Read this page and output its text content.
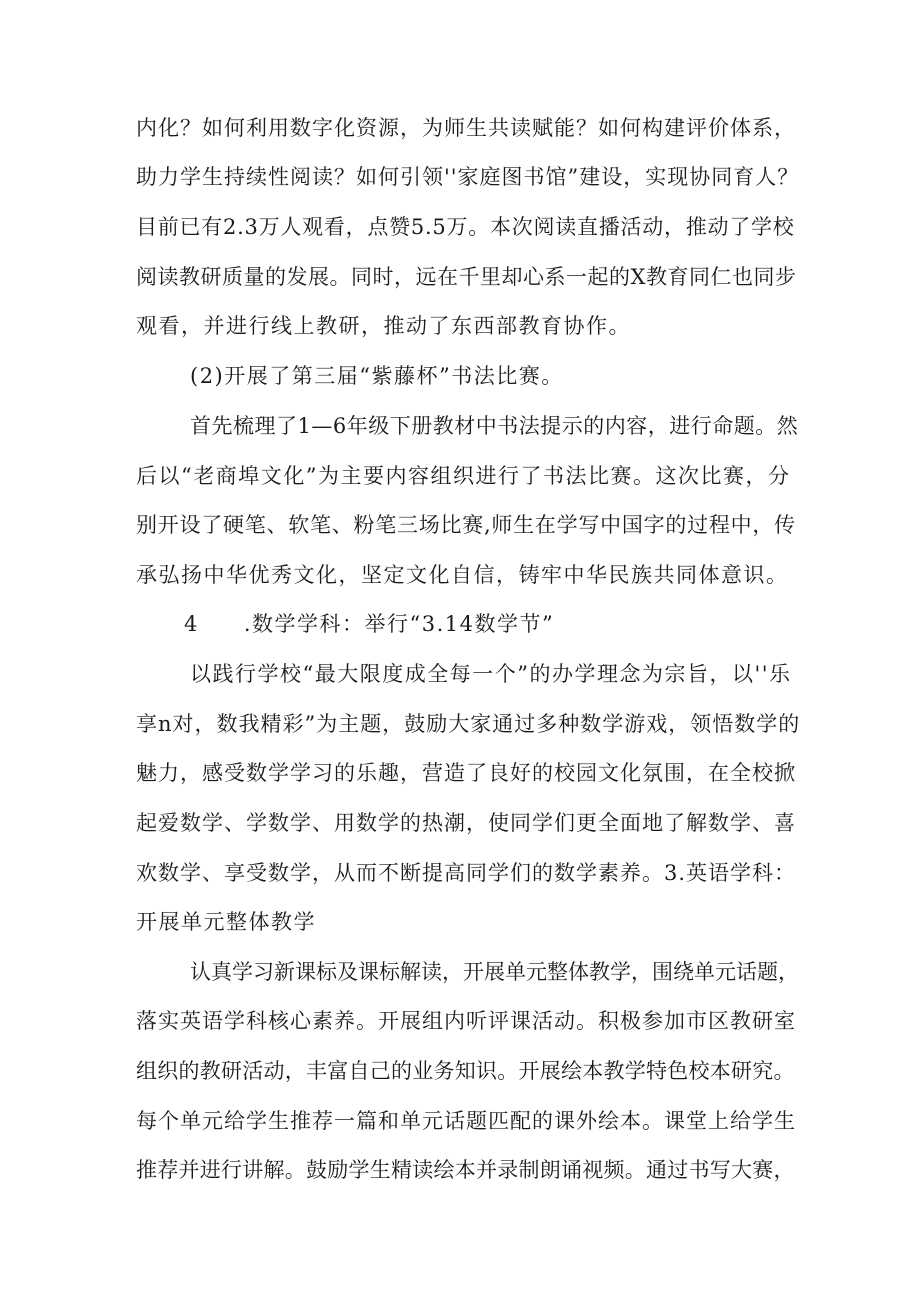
内化？如何利用数字化资源，为师生共读赋能？如何构建评价体系，
助力学生持续性阅读？如何引领''家庭图书馆”建设，实现协同育人？
目前已有2.3万人观看，点赞5.5万。本次阅读直播活动，推动了学校
阅读教研质量的发展。同时，远在千里却心系一起的X教育同仁也同步
观看，并进行线上教研，推动了东西部教育协作。
(2)开展了第三届“紫藤杯”书法比赛。
首先梳理了1—6年级下册教材中书法提示的内容，进行命题。然
后以“老商埠文化”为主要内容组织进行了书法比赛。这次比赛，分
别开设了硬笔、软笔、粉笔三场比赛,师生在学写中国字的过程中，传
承弘扬中华优秀文化，坚定文化自信，铸牢中华民族共同体意识。
4　　.数学学科：举行“3.14数学节”
以践行学校“最大限度成全每一个”的办学理念为宗旨，以''乐
享n对，数我精彩”为主题，鼓励大家通过多种数学游戏，领悟数学的
魅力，感受数学学习的乐趣，营造了良好的校园文化氛围，在全校掀
起爱数学、学数学、用数学的热潮，使同学们更全面地了解数学、喜
欢数学、享受数学，从而不断提高同学们的数学素养。3.英语学科：
开展单元整体教学
认真学习新课标及课标解读，开展单元整体教学，围绕单元话题，
落实英语学科核心素养。开展组内听评课活动。积极参加市区教研室
组织的教研活动，丰富自己的业务知识。开展绘本教学特色校本研究。
每个单元给学生推荐一篇和单元话题匹配的课外绘本。课堂上给学生
推荐并进行讲解。鼓励学生精读绘本并录制朗诵视频。通过书写大赛，
